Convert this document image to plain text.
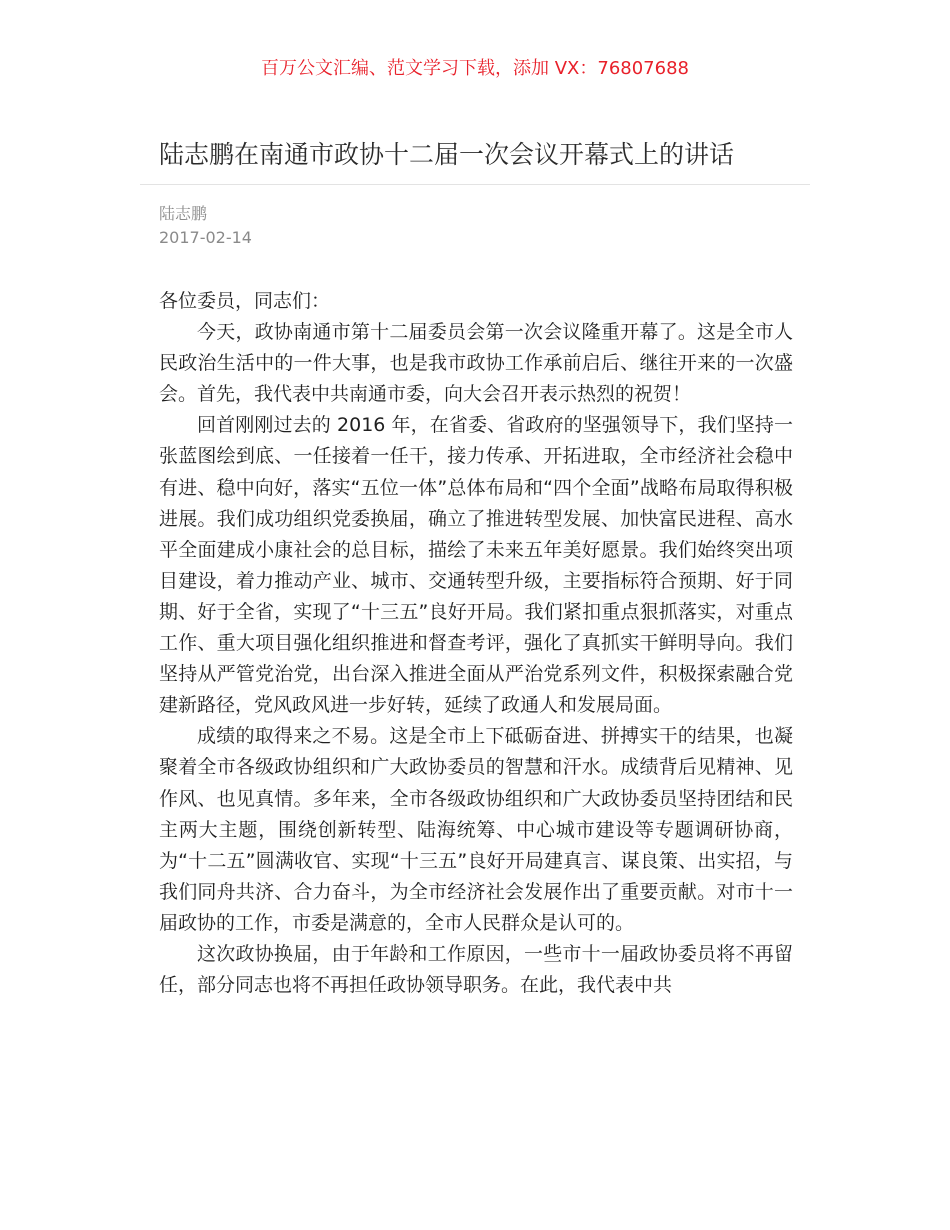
百万公文汇编、范文学习下载，添加 VX：76807688
陆志鹏在南通市政协十二届一次会议开幕式上的讲话
陆志鹏
2017-02-14

各位委员，同志们：

今天，政协南通市第十二届委员会第一次会议隆重开幕了。这是全市人民政治生活中的一件大事，也是我市政协工作承前启后、继往开来的一次盛会。首先，我代表中共南通市委，向大会召开表示热烈的祝贺！

回首刚刚过去的 2016 年，在省委、省政府的坚强领导下，我们坚持一张蓝图绘到底、一任接着一任干，接力传承、开拓进取，全市经济社会稳中有进、稳中向好，落实“五位一体”总体布局和“四个全面”战略布局取得积极进展。我们成功组织党委换届，确立了推进转型发展、加快富民进程、高水平全面建成小康社会的总目标，描绘了未来五年美好愿景。我们始终突出项目建设，着力推动产业、城市、交通转型升级，主要指标符合预期、好于同期、好于全省，实现了“十三五”良好开局。我们紧扣重点狠抓落实，对重点工作、重大项目强化组织推进和督查考评，强化了真抓实干鲜明导向。我们坚持从严管党治党，出台深入推进全面从严治党系列文件，积极探索融合党建新路径，党风政风进一步好转，延续了政通人和发展局面。

成绩的取得来之不易。这是全市上下砥砺奋进、拼搏实干的结果，也凝聚着全市各级政协组织和广大政协委员的智慧和汗水。成绩背后见精神、见作风、也见真情。多年来，全市各级政协组织和广大政协委员坚持团结和民主两大主题，围绕创新转型、陆海统筹、中心城市建设等专题调研协商，为“十二五”圆满收官、实现“十三五”良好开局建真言、谋良策、出实招，与我们同舟共济、合力奋斗，为全市经济社会发展作出了重要贡献。对市十一届政协的工作，市委是满意的，全市人民群众是认可的。

这次政协换届，由于年龄和工作原因，一些市十一届政协委员将不再留任，部分同志也将不再担任政协领导职务。在此，我代表中共
